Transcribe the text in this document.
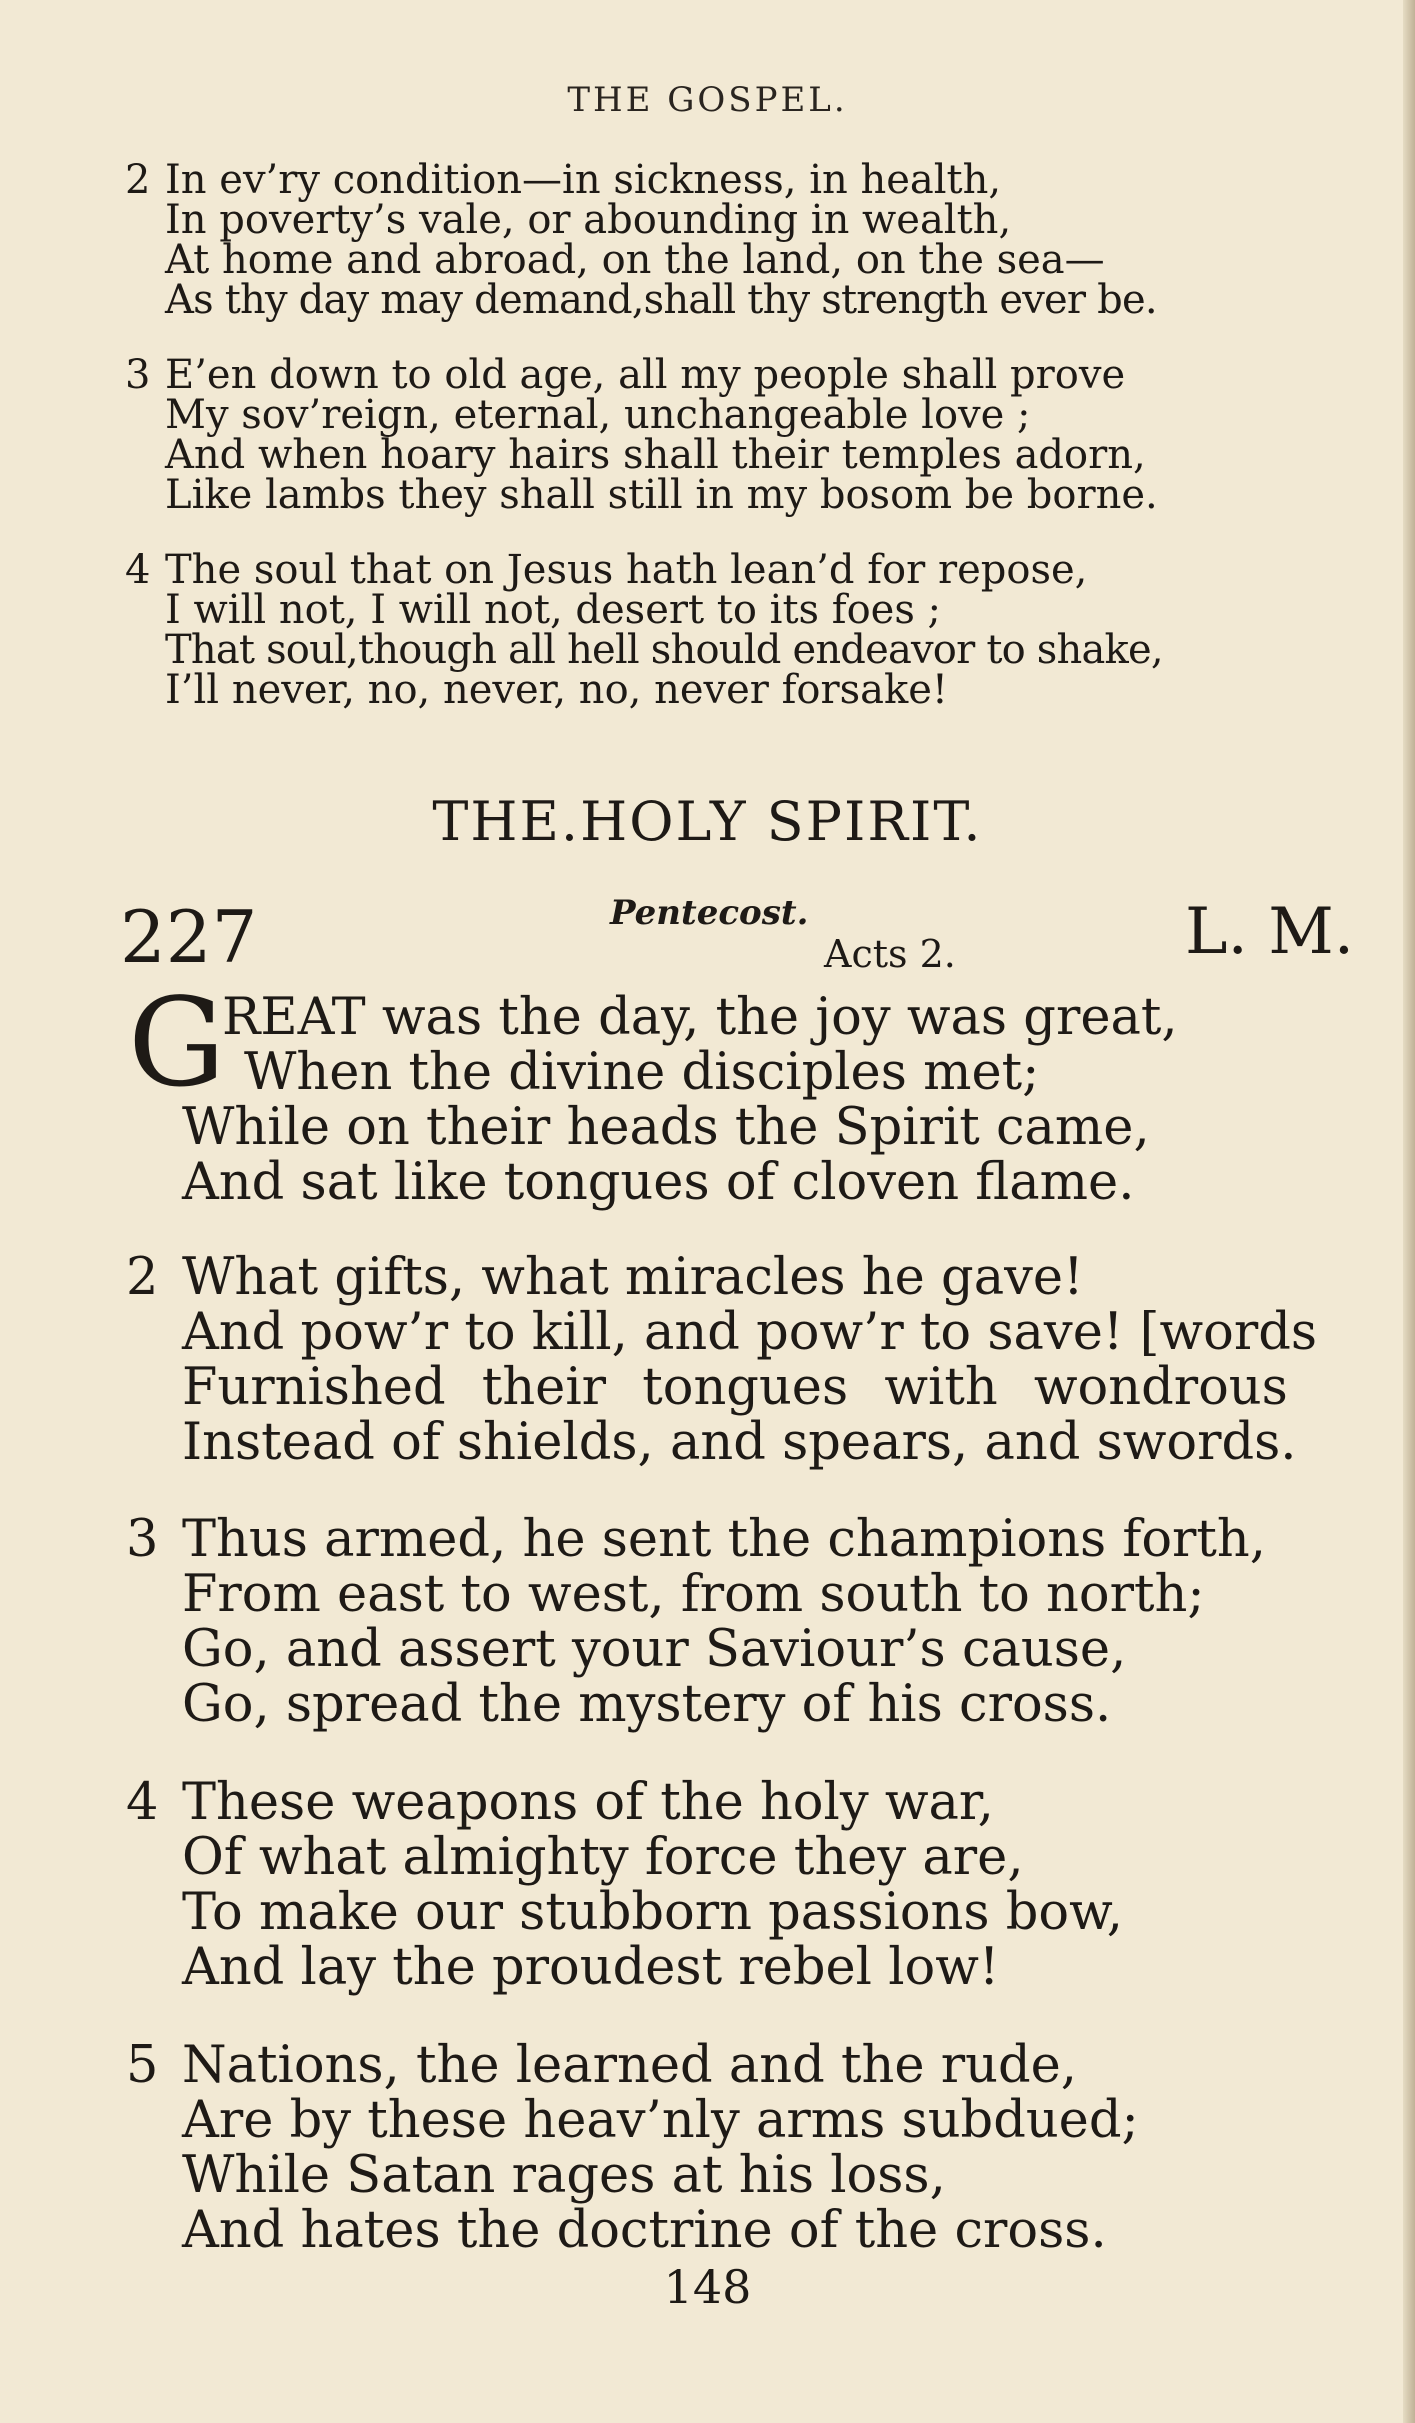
THE GOSPEL.
2 In ev’ry condition—in sickness, in health,
In poverty’s vale, or abounding in wealth,
At home and abroad, on the land, on the sea—
As thy day may demand,shall thy strength ever be.
3 E’en down to old age, all my people shall prove
My sov’reign, eternal, unchangeable love ;
And when hoary hairs shall their temples adorn,
Like lambs they shall still in my bosom be borne.
4 The soul that on Jesus hath lean’d for repose,
I will not, I will not, desert to its foes ;
That soul,though all hell should endeavor to shake,
I’ll never, no, never, no, never forsake!
THE.HOLY SPIRIT.
227	Pentecost.
Acts 2.	L. M.
G
REAT was the day, the joy was great,
When the divine disciples met;
While on their heads the Spirit came,
And sat like tongues of cloven flame.
2 What gifts, what miracles he gave!
And pow’r to kill, and pow’r to save! [words
Furnished their tongues with wondrous
Instead of shields, and spears, and swords.
3 Thus armed, he sent the champions forth,
From east to west, from south to north;
Go, and assert your Saviour’s cause,
Go, spread the mystery of his cross.
4 These weapons of the holy war,
Of what almighty force they are,
To make our stubborn passions bow,
And lay the proudest rebel low!
5 Nations, the learned and the rude,
Are by these heav’nly arms subdued;
While Satan rages at his loss,
And hates the doctrine of the cross.
148
